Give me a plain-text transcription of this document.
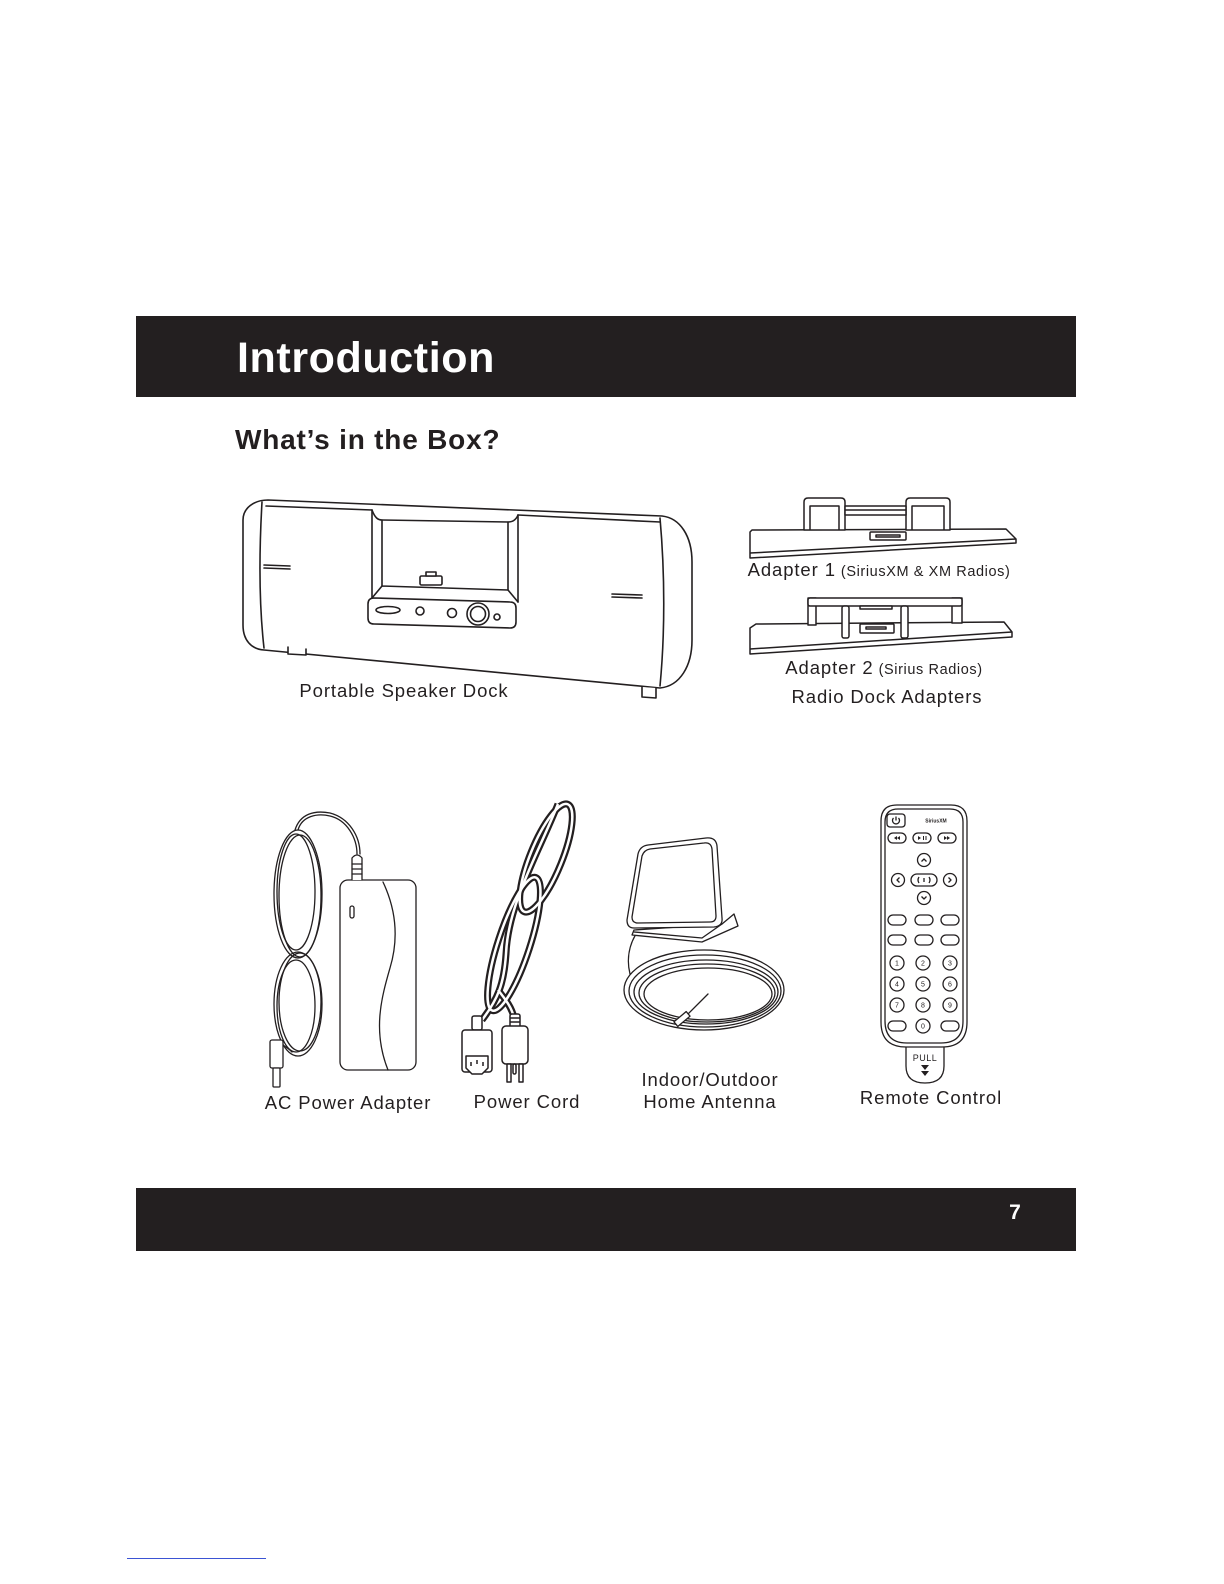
Introduction
What’s in the Box?
Portable Speaker Dock
Adapter 1 (SiriusXM & XM Radios)
Adapter 2 (Sirius Radios)
Radio Dock Adapters
AC Power Adapter	Power Cord
Indoor/Outdoor
Home Antenna
SiriusXM
1	2	3
4	5	6
7	8	9
0
PULL
Remote Control
7
